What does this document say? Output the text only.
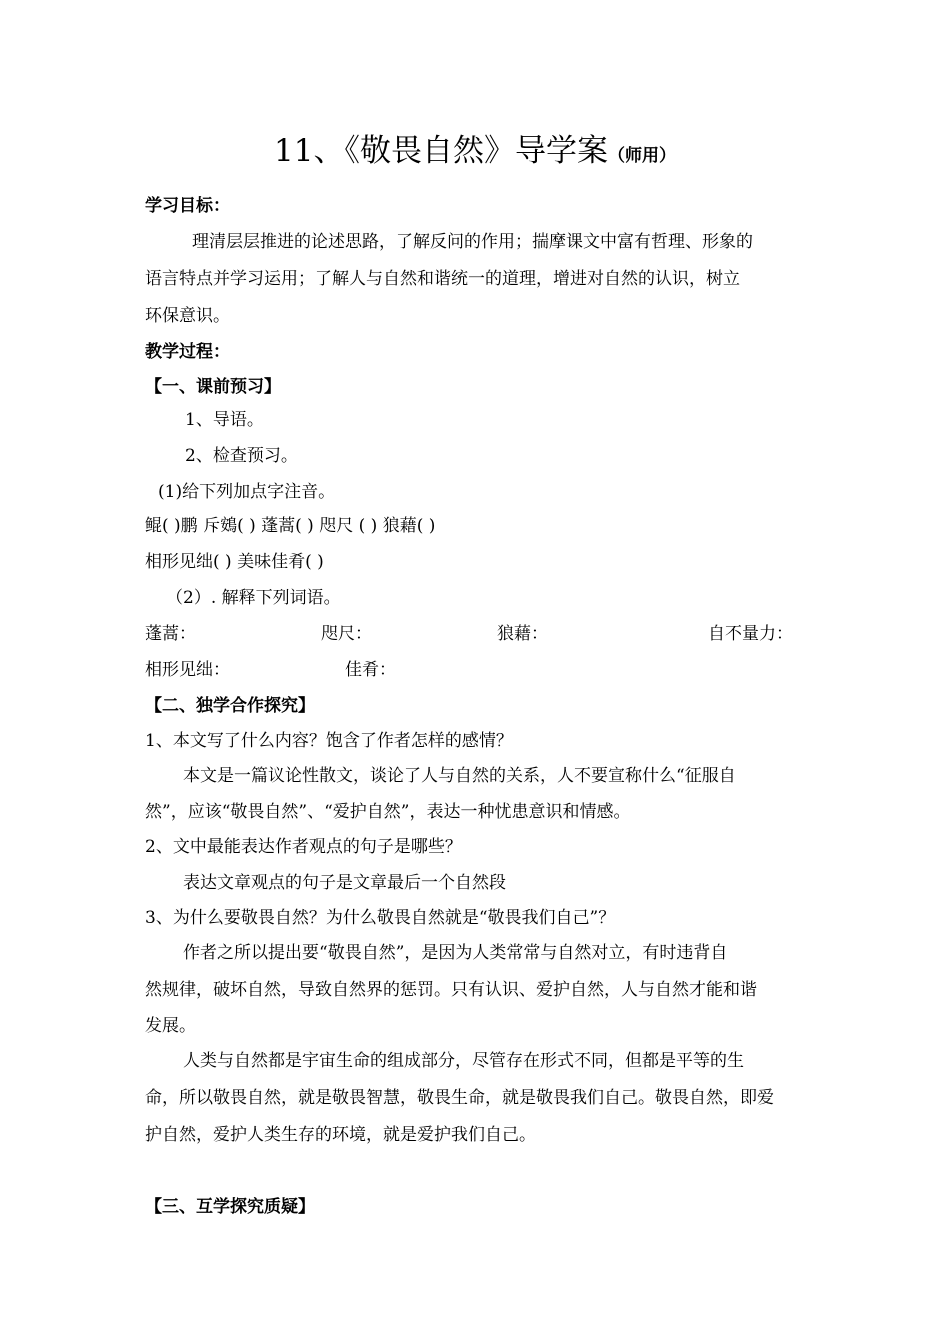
11、《敬畏自然》导学案（师用）
学习目标：
理清层层推进的论述思路，了解反问的作用；揣摩课文中富有哲理、形象的
语言特点并学习运用；了解人与自然和谐统一的道理，增进对自然的认识，树立
环保意识。
教学过程：
【一、课前预习】
1、导语。
2、检查预习。
(1)给下列加点字注音。
鲲( )鹏 斥鴳( ) 蓬蒿( ) 咫尺 ( ) 狼藉( )
相形见绌( ) 美味佳肴( )
（2）. 解释下列词语。
蓬蒿：	咫尺：	狼藉：	自不量力：
相形见绌：	佳肴：
【二、独学合作探究】
1、本文写了什么内容？饱含了作者怎样的感情？
本文是一篇议论性散文，谈论了人与自然的关系，人不要宣称什么“征服自
然”，应该“敬畏自然”、“爱护自然”，表达一种忧患意识和情感。
2、文中最能表达作者观点的句子是哪些？
表达文章观点的句子是文章最后一个自然段
3、为什么要敬畏自然？为什么敬畏自然就是“敬畏我们自己”？
作者之所以提出要“敬畏自然”，是因为人类常常与自然对立，有时违背自
然规律，破坏自然，导致自然界的惩罚。只有认识、爱护自然，人与自然才能和谐
发展。
人类与自然都是宇宙生命的组成部分，尽管存在形式不同，但都是平等的生
命，所以敬畏自然，就是敬畏智慧，敬畏生命，就是敬畏我们自己。敬畏自然，即爱
护自然，爱护人类生存的环境，就是爱护我们自己。
【三、互学探究质疑】
